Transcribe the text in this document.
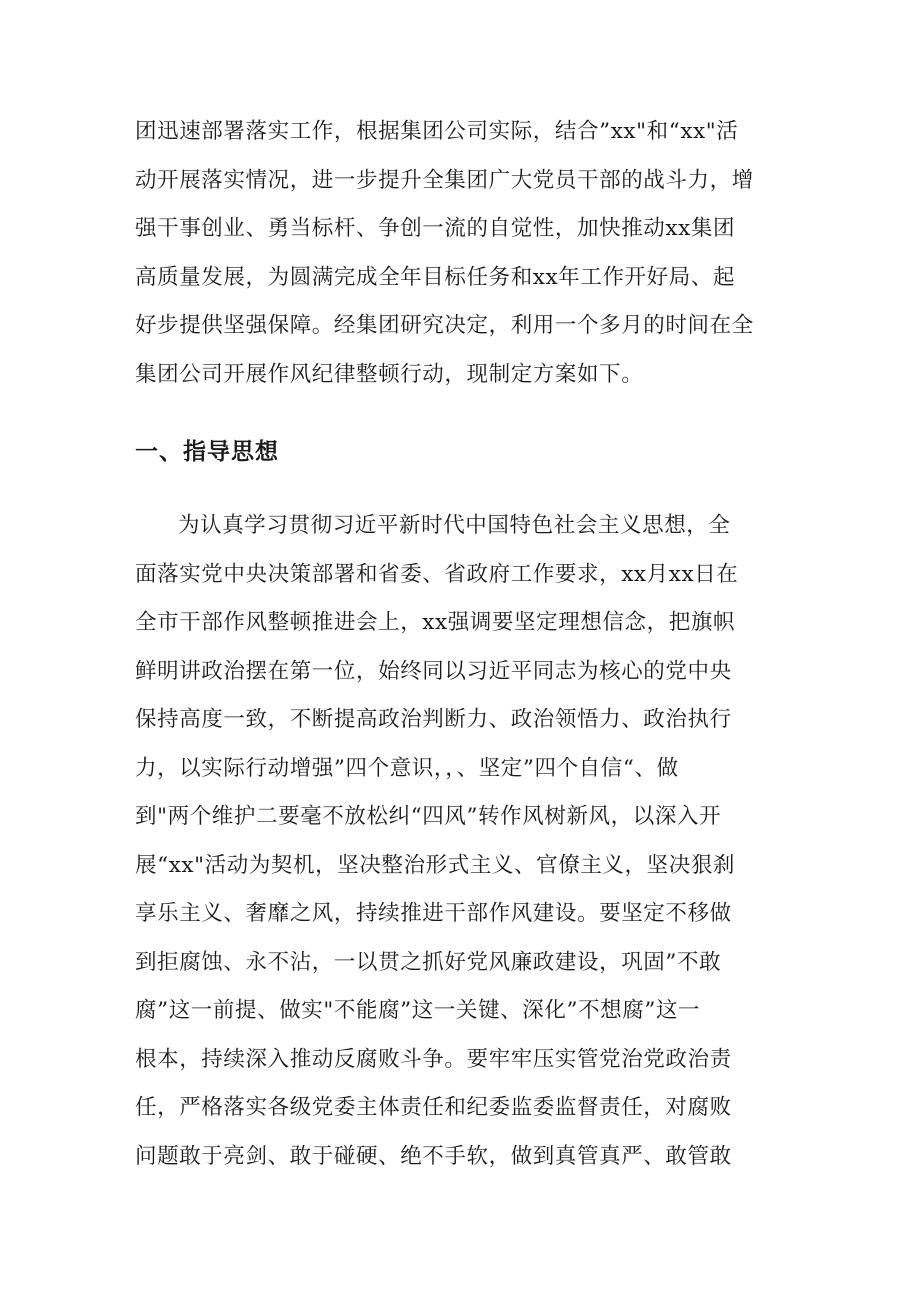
团迅速部署落实工作，根据集团公司实际，结合”xx"和“xx"活
动开展落实情况，进一步提升全集团广大党员干部的战斗力，增
强干事创业、勇当标杆、争创一流的自觉性，加快推动xx集团
高质量发展，为圆满完成全年目标任务和xx年工作开好局、起
好步提供坚强保障。经集团研究决定，利用一个多月的时间在全
集团公司开展作风纪律整顿行动，现制定方案如下。

一、指导思想

为认真学习贯彻习近平新时代中国特色社会主义思想，全
面落实党中央决策部署和省委、省政府工作要求，xx月xx日在
全市干部作风整顿推进会上，xx强调要坚定理想信念，把旗帜
鲜明讲政治摆在第一位，始终同以习近平同志为核心的党中央
保持高度一致，不断提高政治判断力、政治领悟力、政治执行
力，以实际行动增强”四个意识，，、坚定”四个自信“、做
到"两个维护二要毫不放松纠“四风”转作风树新风，以深入开
展“xx"活动为契机，坚决整治形式主义、官僚主义，坚决狠刹
享乐主义、奢靡之风，持续推进干部作风建设。要坚定不移做
到拒腐蚀、永不沾，一以贯之抓好党风廉政建设，巩固”不敢
腐”这一前提、做实"不能腐”这一关键、深化”不想腐”这一
根本，持续深入推动反腐败斗争。要牢牢压实管党治党政治责
任，严格落实各级党委主体责任和纪委监委监督责任，对腐败
问题敢于亮剑、敢于碰硬、绝不手软，做到真管真严、敢管敢
